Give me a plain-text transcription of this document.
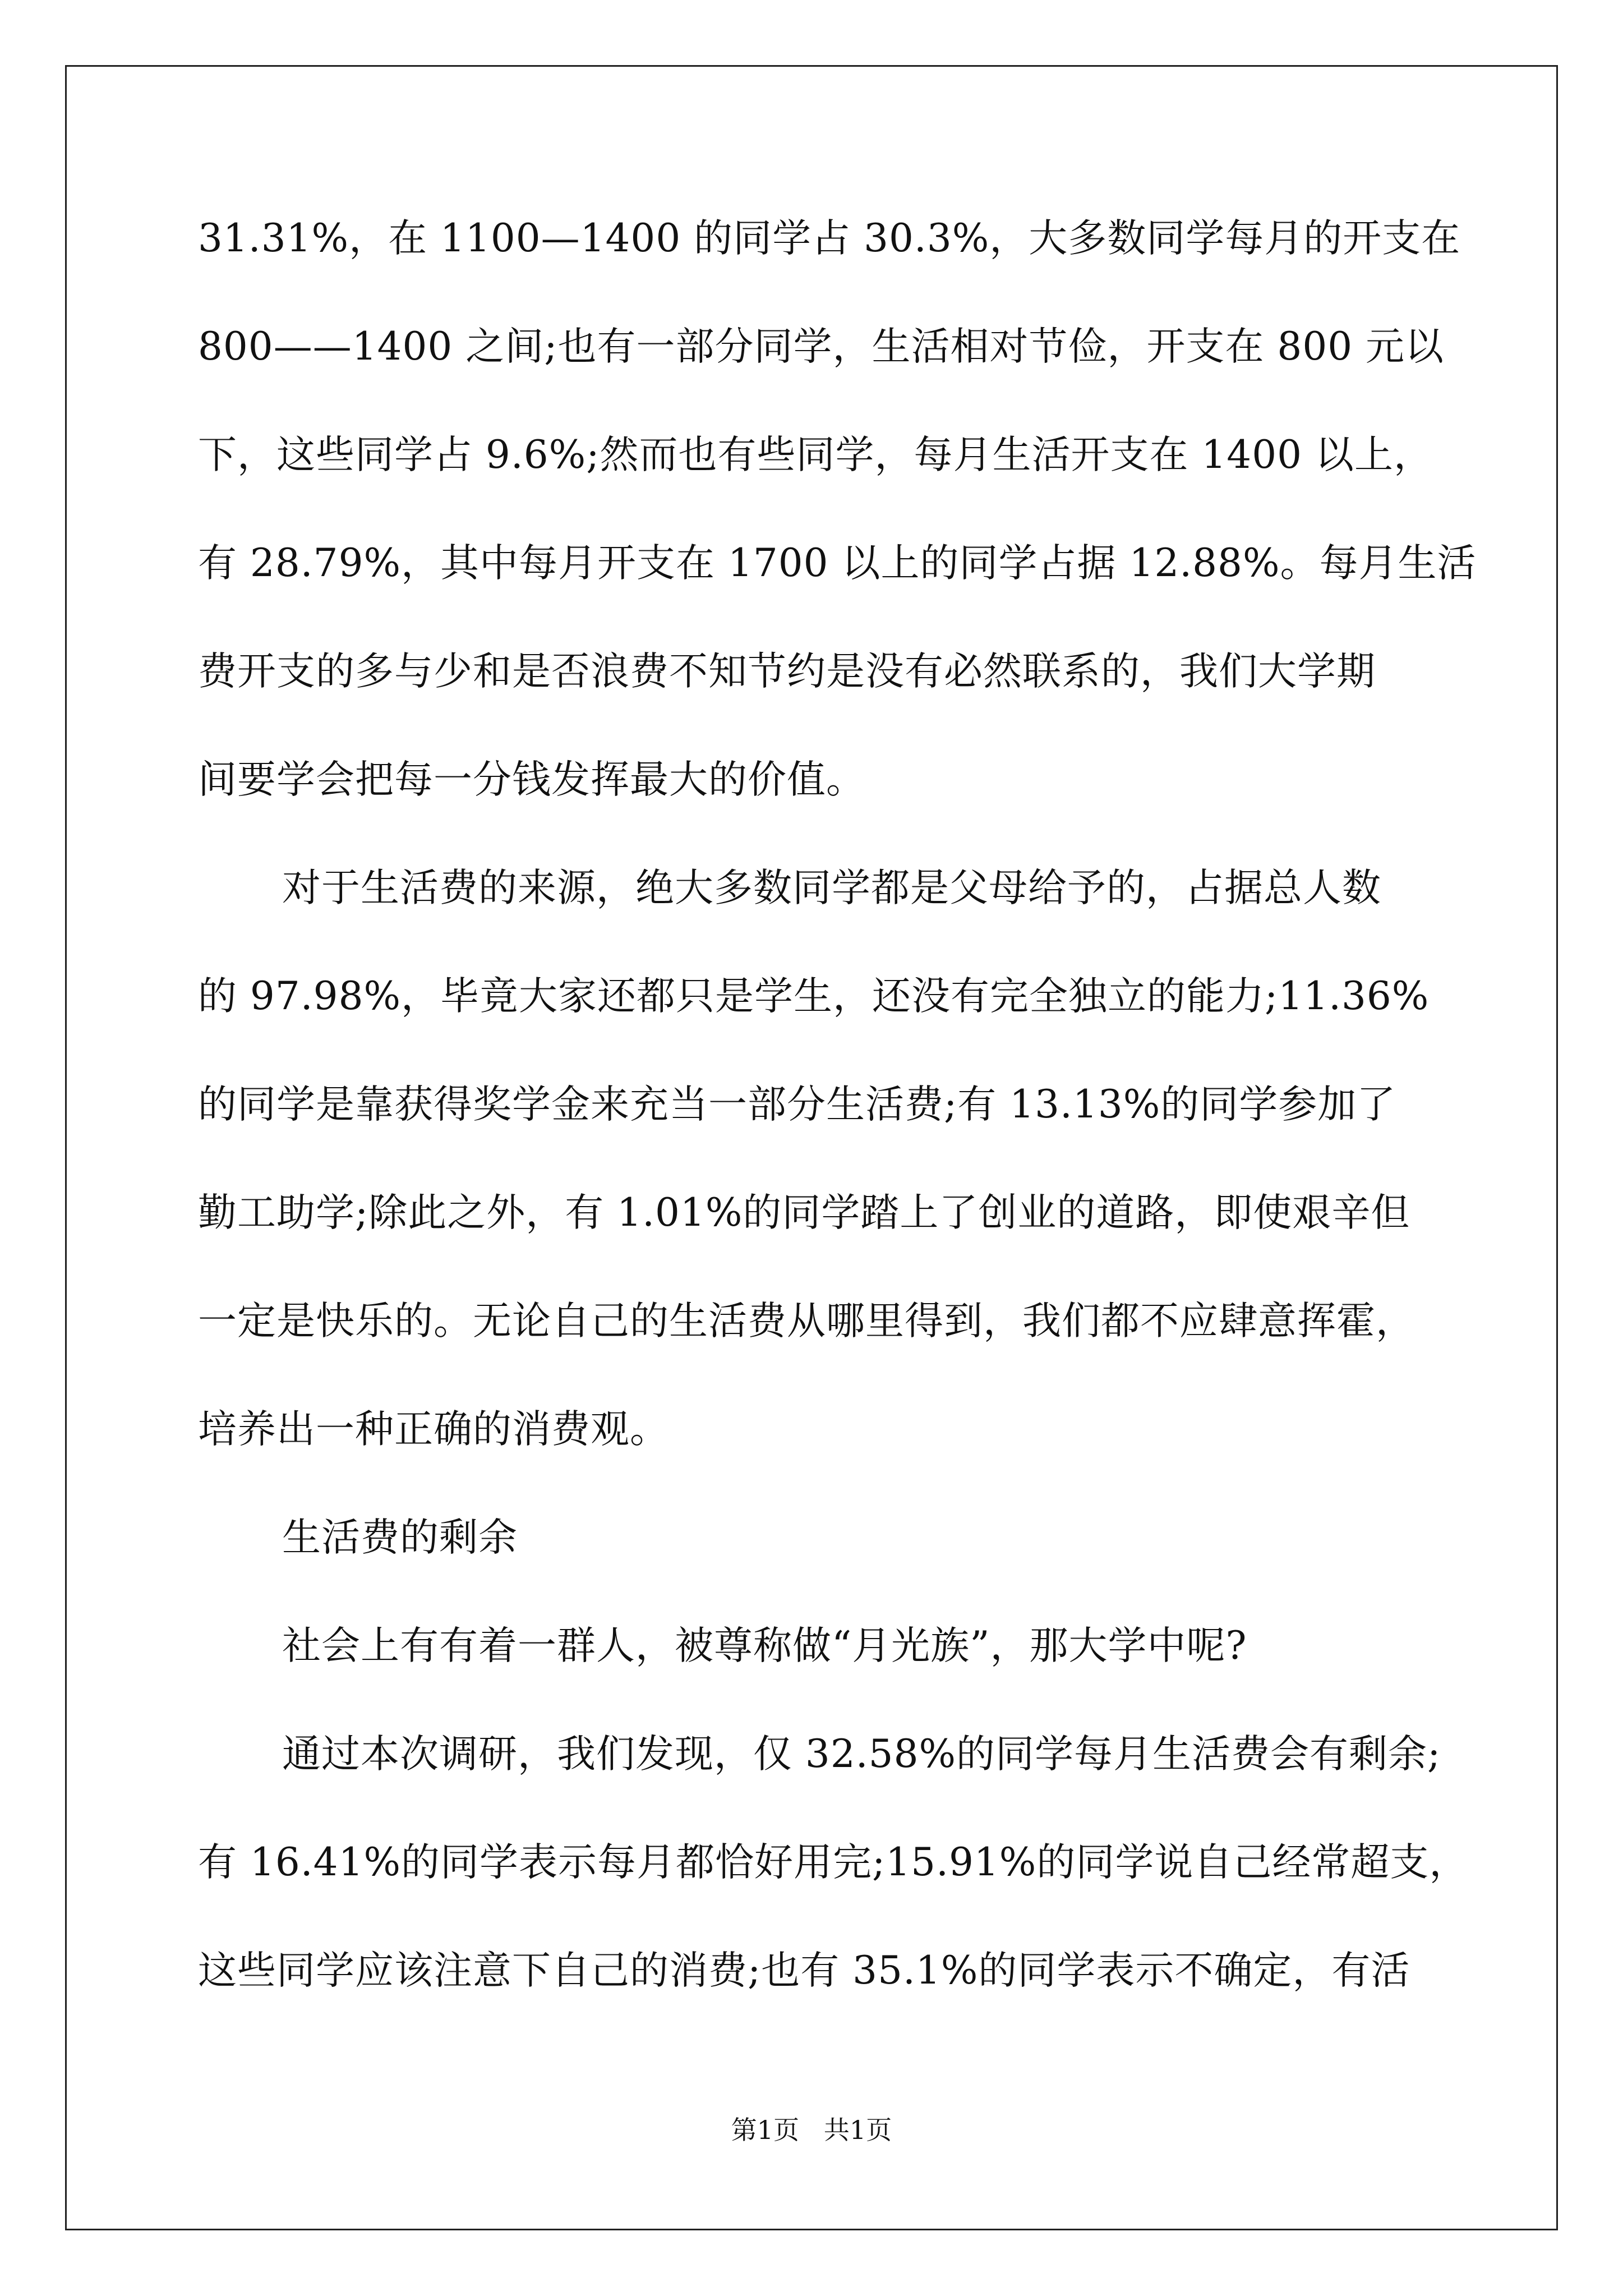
31.31%，在 1100—1400 的同学占 30.3%，大多数同学每月的开支在
800——1400 之间;也有一部分同学，生活相对节俭，开支在 800 元以
下，这些同学占 9.6%;然而也有些同学，每月生活开支在 1400 以上，
有 28.79%，其中每月开支在 1700 以上的同学占据 12.88%。每月生活
费开支的多与少和是否浪费不知节约是没有必然联系的，我们大学期
间要学会把每一分钱发挥最大的价值。
对于生活费的来源，绝大多数同学都是父母给予的，占据总人数
的 97.98%，毕竟大家还都只是学生，还没有完全独立的能力;11.36%
的同学是靠获得奖学金来充当一部分生活费;有 13.13%的同学参加了
勤工助学;除此之外，有 1.01%的同学踏上了创业的道路，即使艰辛但
一定是快乐的。无论自己的生活费从哪里得到，我们都不应肆意挥霍，
培养出一种正确的消费观。
生活费的剩余
社会上有有着一群人，被尊称做“月光族”，那大学中呢?
通过本次调研，我们发现，仅 32.58%的同学每月生活费会有剩余;
有 16.41%的同学表示每月都恰好用完;15.91%的同学说自己经常超支，
这些同学应该注意下自己的消费;也有 35.1%的同学表示不确定，有活
第1页   共1页
